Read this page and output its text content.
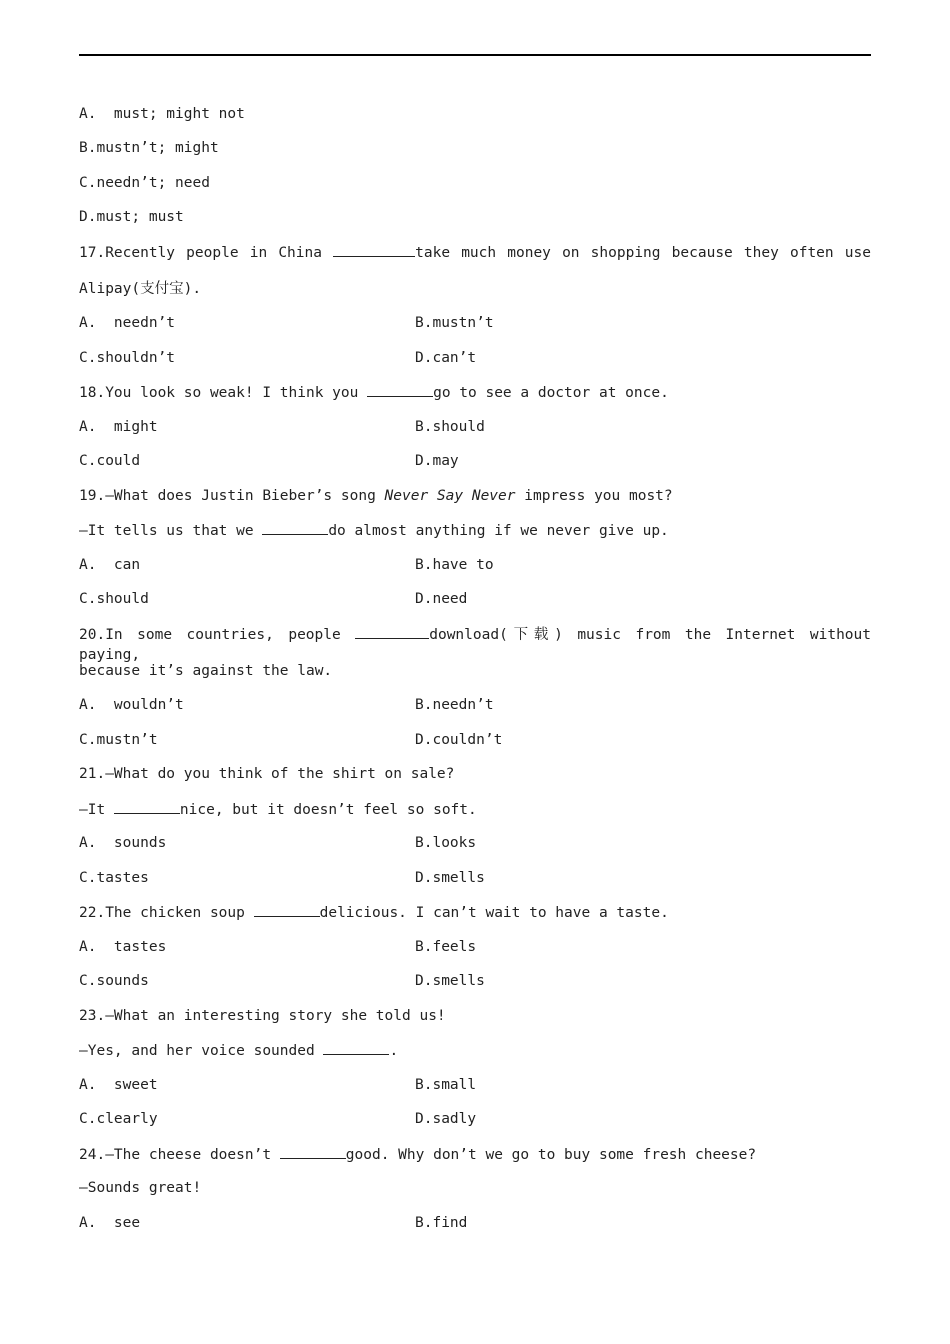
A.  must; might not
B.mustn’t; might
C.needn’t; need
D.must; must
17.Recently people in China	take much money on shopping because they often use
Alipay(支付宝).
A.  needn’t	B.mustn’t
C.shouldn’t	D.can’t
18.You look so weak! I think you	go to see a doctor at once.
A.  might	B.should
C.could	D.may
19.—What does Justin Bieber’s song Never Say Never impress you most?
—It tells us that we	do almost anything if we never give up.
A.  can	B.have to
C.should	D.need
20.In some countries, people	download(下载) music from the Internet without paying,
because it’s against the law.
A.  wouldn’t	B.needn’t
C.mustn’t	D.couldn’t
21.—What do you think of the shirt on sale?
—It	nice, but it doesn’t feel so soft.
A.  sounds	B.looks
C.tastes	D.smells
22.The chicken soup	delicious. I can’t wait to have a taste.
A.  tastes	B.feels
C.sounds	D.smells
23.—What an interesting story she told us!
—Yes, and her voice sounded	.
A.  sweet	B.small
C.clearly	D.sadly
24.—The cheese doesn’t	good. Why don’t we go to buy some fresh cheese?
—Sounds great!
A.  see	B.find
